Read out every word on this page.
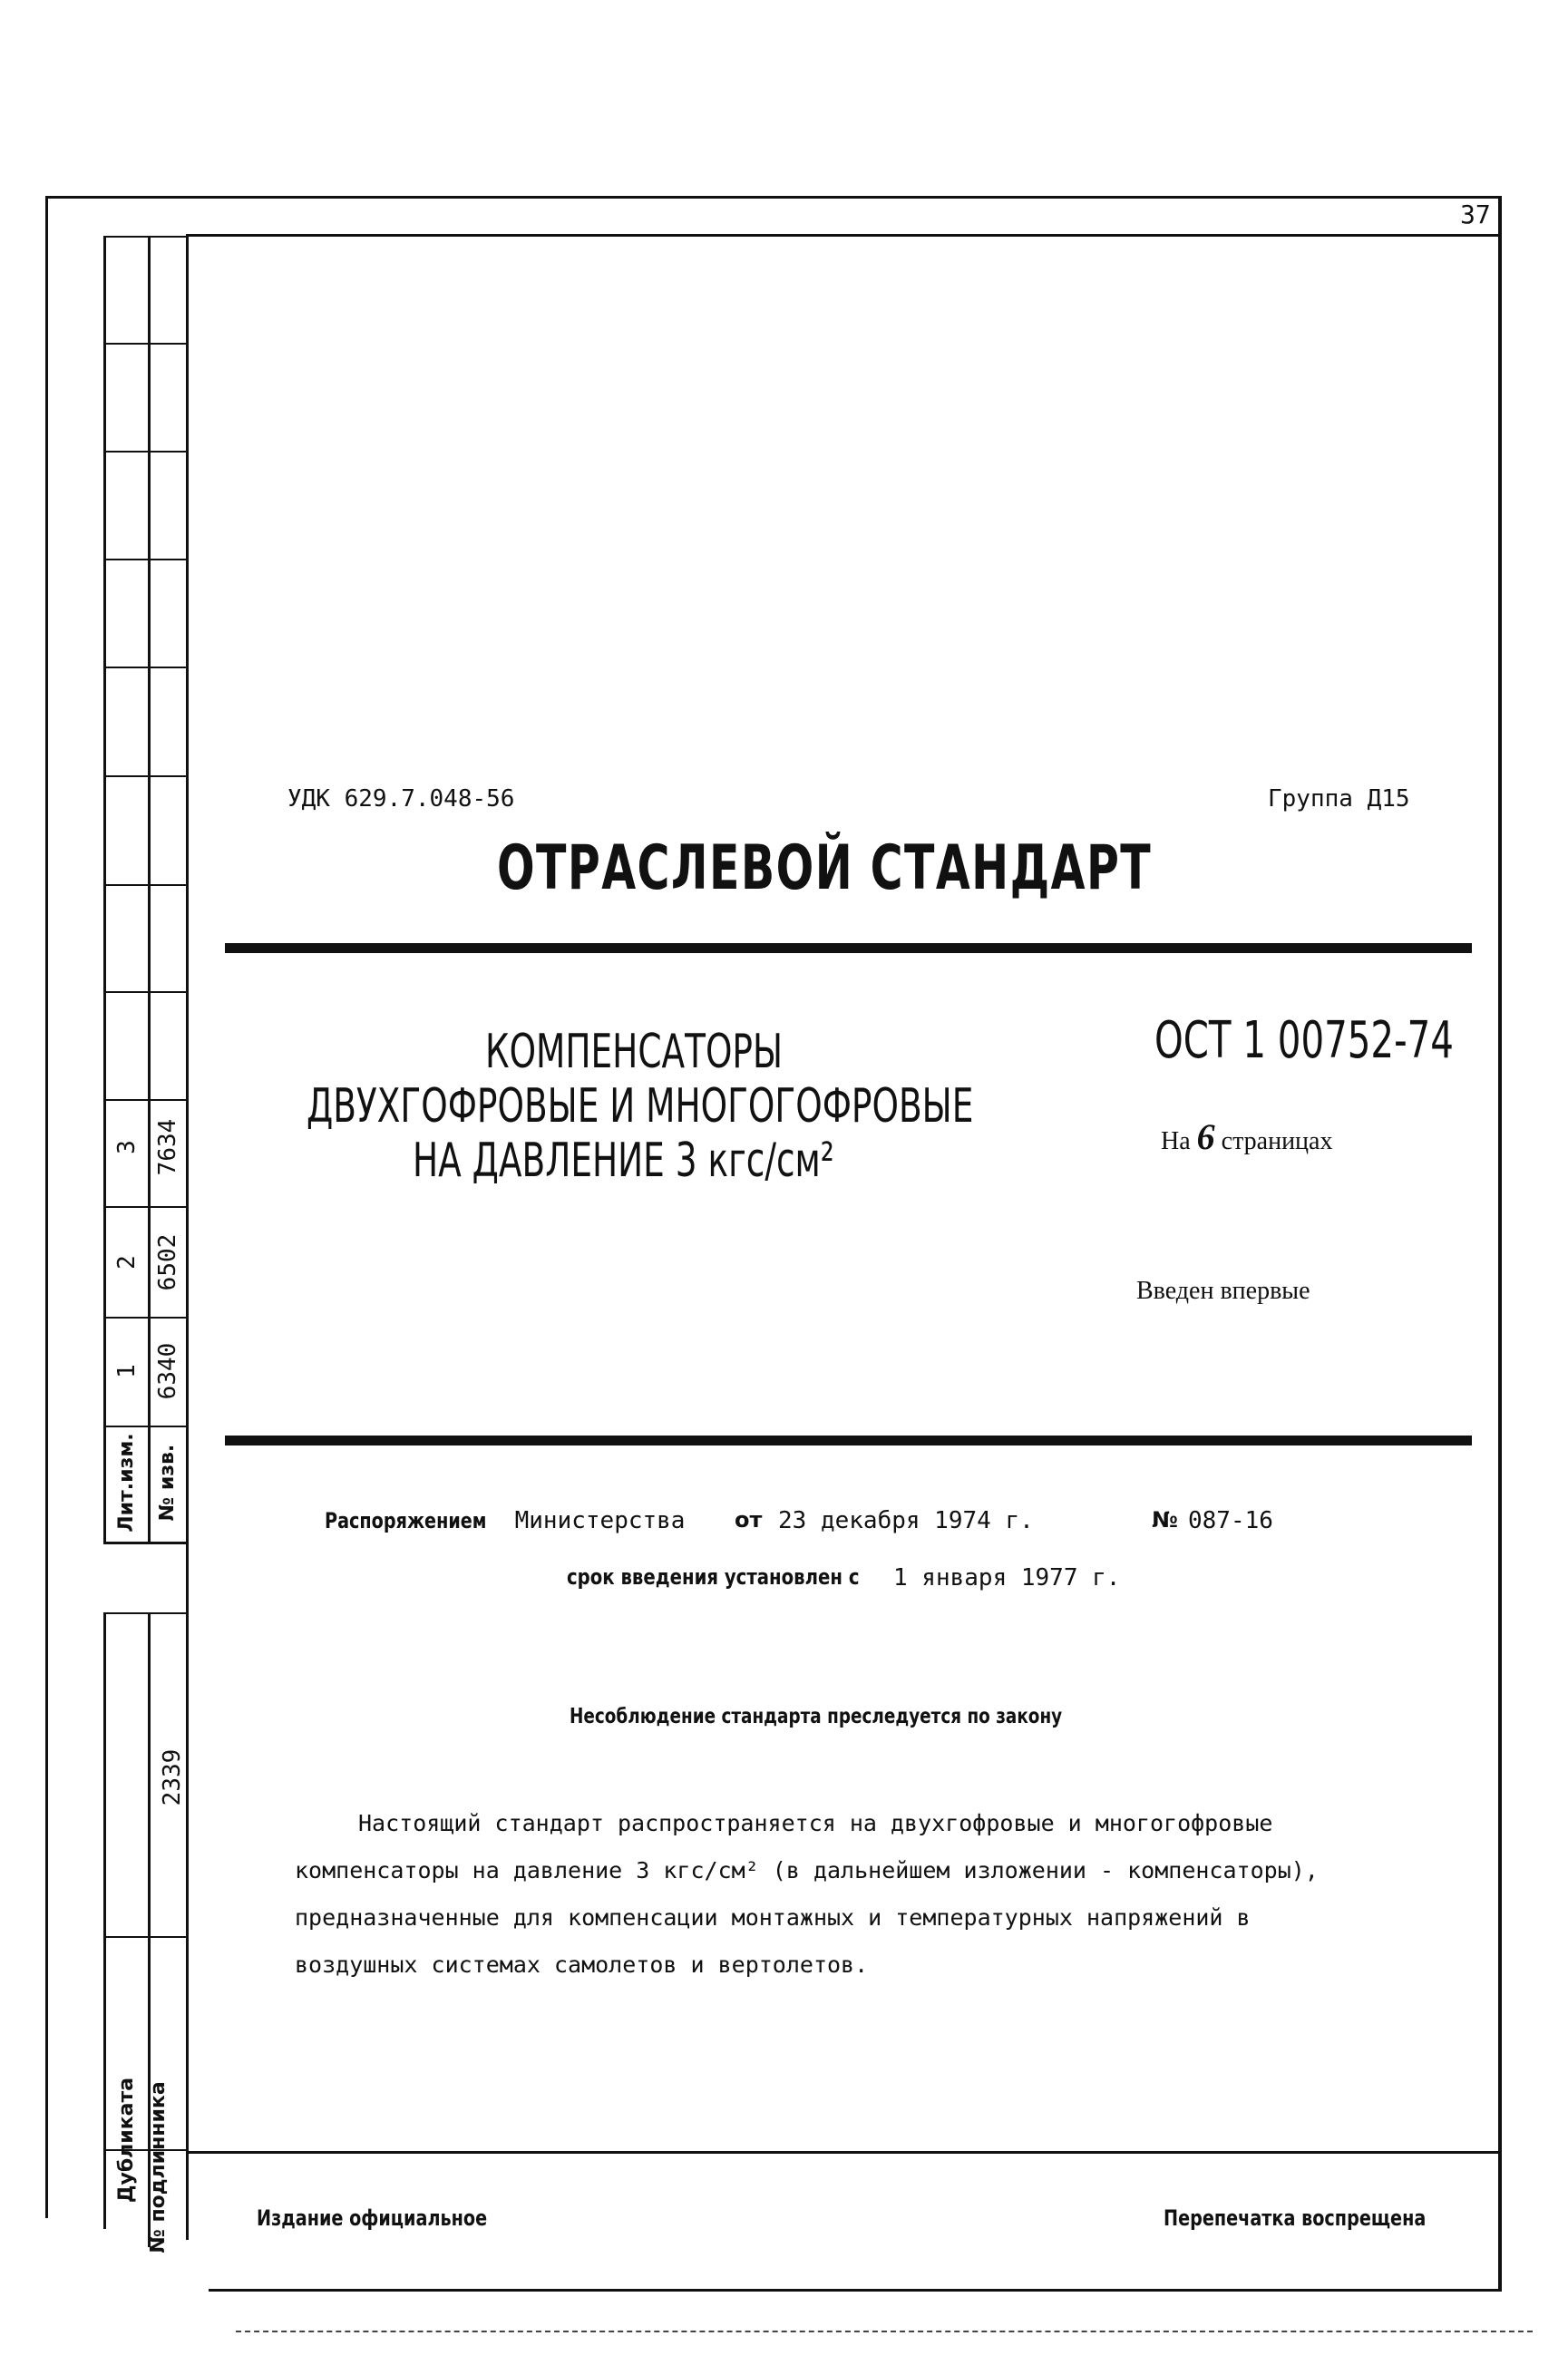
37
3 7634
2 6502
1 6340
Лит.изм. № изв.
2339
Дубликата № подлинника
УДК 629.7.048-56	Группа Д15
ОТРАСЛЕВОЙ СТАНДАРТ
КОМПЕНСАТОРЫ
ДВУХГОФРОВЫЕ И МНОГОГОФРОВЫЕ
НА ДАВЛЕНИЕ 3 кгс/см²
ОСТ 1 00752-74
На 6 страницах
Введен впервые
Распоряжением Министерства от 23 декабря 1974 г.	№ 087-16
срок введения установлен с 1 января 1977 г.
Несоблюдение стандарта преследуется по закону
Настоящий стандарт распространяется на двухгофровые и многогофровые
компенсаторы на давление 3 кгс/см² (в дальнейшем изложении - компенсаторы),
предназначенные для компенсации монтажных и температурных напряжений в
воздушных системах самолетов и вертолетов.
Издание официальное	Перепечатка воспрещена
